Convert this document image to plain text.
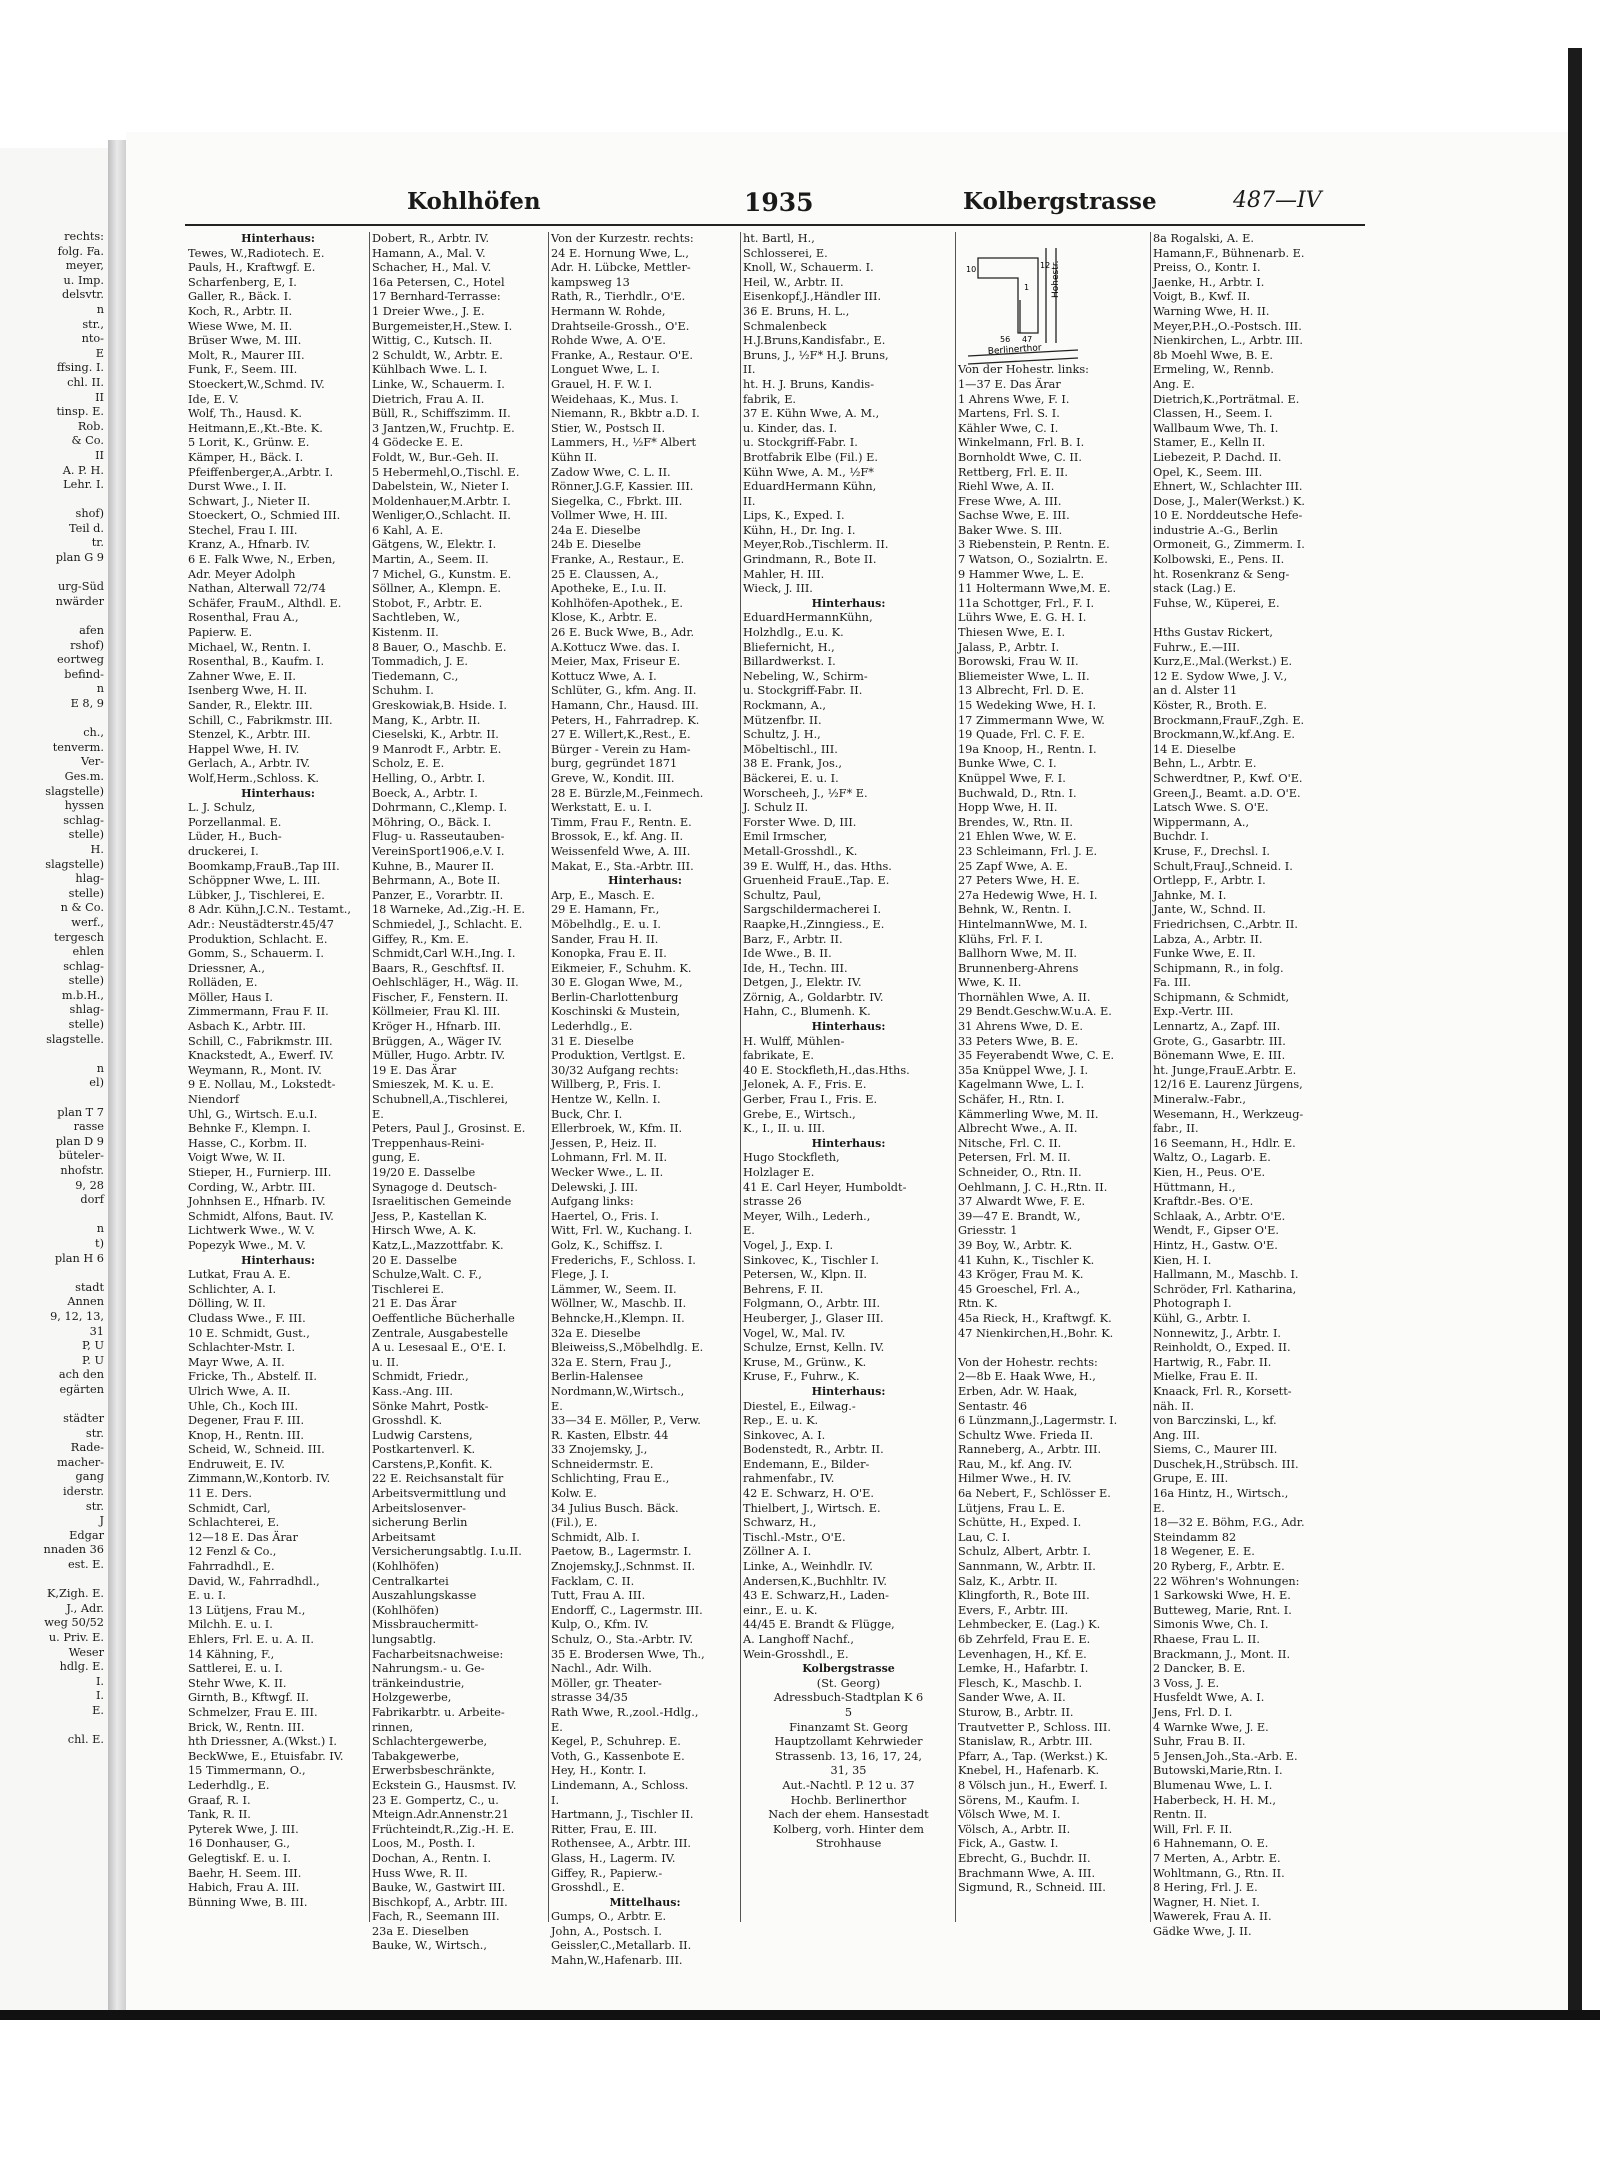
rechts:
folg. Fa.
meyer,
u. Imp.
delsvtr.
n
str.,
nto-
E
ffsing. I.
chl. II.
II
tinsp. E.
Rob.
& Co.
II
A. P. H.
Lehr. I.

shof)
Teil d.
tr.
plan G 9

urg-Süd
nwärder

afen
rshof)
eortweg
befind-
n
E 8, 9

ch.,
tenverm.
Ver-
Ges.m.
slagstelle)
hyssen
schlag-
stelle)
H.
slagstelle)
hlag-
stelle)
n & Co.
werf.,
tergesch
ehlen
schlag-
stelle)
m.b.H.,
shlag-
stelle)
slagstelle.

n
el)

plan T 7
rasse
plan D 9
büteler-
nhofstr.
9, 28
dorf

n
t)
plan H 6

stadt
Annen
9, 12, 13,
31
P, U
P. U
ach den
egärten

städter
str.
Rade-
macher-
gang
iderstr.
str.
J
Edgar
nnaden 36
est. E.

K,Zigh. E.
J., Adr.
weg 50/52
u. Priv. E.
Weser
hdlg. E.
I.
I.
E.

chl. E.
Kohlhöfen	1935	Kolbergstrasse	487—IV
Hinterhaus:
Tewes, W.,Radiotech. E.
Pauls, H., Kraftwgf. E.
Scharfenberg, E, I.
Galler, R., Bäck. I.
Koch, R., Arbtr. II.
Wiese Wwe, M. II.
Brüser Wwe, M. III.
Molt, R., Maurer III.
Funk, F., Seem. III.
Stoeckert,W.,Schmd. IV.
Ide, E. V.
Wolf, Th., Hausd. K.
Heitmann,E.,Kt.-Bte. K.
5 Lorit, K., Grünw. E.
Kämper, H., Bäck. I.
Pfeiffenberger,A.,Arbtr. I.
Durst Wwe., I. II.
Schwart, J., Nieter II.
Stoeckert, O., Schmied III.
Stechel, Frau I. III.
Kranz, A., Hfnarb. IV.
6 E. Falk Wwe, N., Erben,
Adr. Meyer Adolph
Nathan, Alterwall 72/74
Schäfer, FrauM., Althdl. E.
Rosenthal, Frau A.,
Papierw. E.
Michael, W., Rentn. I.
Rosenthal, B., Kaufm. I.
Zahner Wwe, E. II.
Isenberg Wwe, H. II.
Sander, R., Elektr. III.
Schill, C., Fabrikmstr. III.
Stenzel, K., Arbtr. III.
Happel Wwe, H. IV.
Gerlach, A., Arbtr. IV.
Wolf,Herm.,Schloss. K.
Hinterhaus:
L. J. Schulz,
Porzellanmal. E.
Lüder, H., Buch-
druckerei, I.
Boomkamp,FrauB.,Tap III.
Schöppner Wwe, L. III.
Lübker, J., Tischlerei, E.
8 Adr. Kühn,J.C.N.. Testamt.,
Adr.: Neustädterstr.45/47
Produktion, Schlacht. E.
Gomm, S., Schauerm. I.
Driessner, A.,
Rolläden, E.
Möller, Haus I.
Zimmermann, Frau F. II.
Asbach K., Arbtr. III.
Schill, C., Fabrikmstr. III.
Knackstedt, A., Ewerf. IV.
Weymann, R., Mont. IV.
9 E. Nollau, M., Lokstedt-
Niendorf
Uhl, G., Wirtsch. E.u.I.
Behnke F., Klempn. I.
Hasse, C., Korbm. II.
Voigt Wwe, W. II.
Stieper, H., Furnierp. III.
Cording, W., Arbtr. III.
Johnhsen E., Hfnarb. IV.
Schmidt, Alfons, Baut. IV.
Lichtwerk Wwe., W. V.
Popezyk Wwe., M. V.
Hinterhaus:
Lutkat, Frau A. E.
Schlichter, A. I.
Dölling, W. II.
Cludass Wwe., F. III.
10 E. Schmidt, Gust.,
Schlachter-Mstr. I.
Mayr Wwe, A. II.
Fricke, Th., Abstelf. II.
Ulrich Wwe, A. II.
Uhle, Ch., Koch III.
Degener, Frau F. III.
Knop, H., Rentn. III.
Scheid, W., Schneid. III.
Endruweit, E. IV.
Zimmann,W.,Kontorb. IV.
11 E. Ders.
Schmidt, Carl,
Schlachterei, E.
12—18 E. Das Ärar
12 Fenzl & Co.,
Fahrradhdl., E.
David, W., Fahrradhdl.,
E. u. I.
13 Lütjens, Frau M.,
Milchh. E. u. I.
Ehlers, Frl. E. u. A. II.
14 Kähning, F.,
Sattlerei, E. u. I.
Stehr Wwe, K. II.
Girnth, B., Kftwgf. II.
Schmelzer, Frau E. III.
Brick, W., Rentn. III.
hth Driessner, A.(Wkst.) I.
BeckWwe, E., Etuisfabr. IV.
15 Timmermann, O.,
Lederhdlg., E.
Graaf, R. I.
Tank, R. II.
Pyterek Wwe, J. III.
16 Donhauser, G.,
Gelegtiskf. E. u. I.
Baehr, H. Seem. III.
Habich, Frau A. III.
Bünning Wwe, B. III.
Dobert, R., Arbtr. IV.
Hamann, A., Mal. V.
Schacher, H., Mal. V.
16a Petersen, C., Hotel
17 Bernhard-Terrasse:
1 Dreier Wwe., J. E.
Burgemeister,H.,Stew. I.
Wittig, C., Kutsch. II.
2 Schuldt, W., Arbtr. E.
Kühlbach Wwe. L. I.
Linke, W., Schauerm. I.
Dietrich, Frau A. II.
Büll, R., Schiffszimm. II.
3 Jantzen,W., Fruchtp. E.
4 Gödecke E. E.
Foldt, W., Bur.-Geh. II.
5 Hebermehl,O.,Tischl. E.
Dabelstein, W., Nieter I.
Moldenhauer,M.Arbtr. I.
Wenliger,O.,Schlacht. II.
6 Kahl, A. E.
Gätgens, W., Elektr. I.
Martin, A., Seem. II.
7 Michel, G., Kunstm. E.
Söllner, A., Klempn. E.
Stobot, F., Arbtr. E.
Sachtleben, W.,
Kistenm. II.
8 Bauer, O., Maschb. E.
Tommadich, J. E.
Tiedemann, C.,
Schuhm. I.
Greskowiak,B. Hside. I.
Mang, K., Arbtr. II.
Cieselski, K., Arbtr. II.
9 Manrodt F., Arbtr. E.
Scholz, E. E.
Helling, O., Arbtr. I.
Boeck, A., Arbtr. I.
Dohrmann, C.,Klemp. I.
Möhring, O., Bäck. I.
Flug- u. Rasseutauben-
VereinSport1906,e.V. I.
Kuhne, B., Maurer II.
Behrmann, A., Bote II.
Panzer, E., Vorarbtr. II.
18 Warneke, Ad.,Zig.-H. E.
Schmiedel, J., Schlacht. E.
Giffey, R., Km. E.
Schmidt,Carl W.H.,Ing. I.
Baars, R., Geschftsf. II.
Oehlschläger, H., Wäg. II.
Fischer, F., Fenstern. II.
Köllmeier, Frau Kl. III.
Kröger H., Hfnarb. III.
Brüggen, A., Wäger IV.
Müller, Hugo. Arbtr. IV.
19 E. Das Ärar
Smieszek, M. K. u. E.
Schubnell,A.,Tischlerei,
E.
Peters, Paul J., Grosinst. E.
Treppenhaus-Reini-
gung, E.
19/20 E. Dasselbe
Synagoge d. Deutsch-
Israelitischen Gemeinde
Jess, P., Kastellan K.
Hirsch Wwe, A. K.
Katz,L.,Mazzottfabr. K.
20 E. Dasselbe
Schulze,Walt. C. F.,
Tischlerei E.
21 E. Das Ärar
Oeffentliche Bücherhalle
Zentrale, Ausgabestelle
A u. Lesesaal E., O'E. I.
u. II.
Schmidt, Friedr.,
Kass.-Ang. III.
Sönke Mahrt, Postk-
Grosshdl. K.
Ludwig Carstens,
Postkartenverl. K.
Carstens,P.,Konfit. K.
22 E. Reichsanstalt für
Arbeitsvermittlung und
Arbeitslosenver-
sicherung Berlin
Arbeitsamt
Versicherungsabtlg. I.u.II.
(Kohlhöfen)
Centralkartei
Auszahlungskasse
(Kohlhöfen)
Missbrauchermitt-
lungsabtlg.
Facharbeitsnachweise:
Nahrungsm.- u. Ge-
tränkeindustrie,
Holzgewerbe,
Fabrikarbtr. u. Arbeite-
rinnen,
Schlachtergewerbe,
Tabakgewerbe,
Erwerbsbeschränkte,
Eckstein G., Hausmst. IV.
23 E. Gompertz, C., u.
Mteign.Adr.Annenstr.21
Früchteindt,R.,Zig.-H. E.
Loos, M., Posth. I.
Dochan, A., Rentn. I.
Huss Wwe, R. II.
Bauke, W., Gastwirt III.
Bischkopf, A., Arbtr. III.
Fach, R., Seemann III.
23a E. Dieselben
Bauke, W., Wirtsch.,
Von der Kurzestr. rechts:
24 E. Hornung Wwe, L.,
Adr. H. Lübcke, Mettler-
kampsweg 13
Rath, R., Tierhdlr., O'E.
Hermann W. Rohde,
Drahtseile-Grossh., O'E.
Rohde Wwe, A. O'E.
Franke, A., Restaur. O'E.
Longuet Wwe, L. I.
Grauel, H. F. W. I.
Weidehaas, K., Mus. I.
Niemann, R., Bkbtr a.D. I.
Stier, W., Postsch II.
Lammers, H., ½F* Albert
Kühn II.
Zadow Wwe, C. L. II.
Rönner,J.G.F, Kassier. III.
Siegelka, C., Fbrkt. III.
Vollmer Wwe, H. III.
24a E. Dieselbe
24b E. Dieselbe
Franke, A., Restaur., E.
25 E. Claussen, A.,
Apotheke, E., I.u. II.
Kohlhöfen-Apothek., E.
Klose, K., Arbtr. E.
26 E. Buck Wwe, B., Adr.
A.Kottucz Wwe. das. I.
Meier, Max, Friseur E.
Kottucz Wwe, A. I.
Schlüter, G., kfm. Ang. II.
Hamann, Chr., Hausd. III.
Peters, H., Fahrradrep. K.
27 E. Willert,K.,Rest., E.
Bürger - Verein zu Ham-
burg, gegründet 1871
Greve, W., Kondit. III.
28 E. Bürzle,M.,Feinmech.
Werkstatt, E. u. I.
Timm, Frau F., Rentn. E.
Brossok, E., kf. Ang. II.
Weissenfeld Wwe, A. III.
Makat, E., Sta.-Arbtr. III.
Hinterhaus:
Arp, E., Masch. E.
29 E. Hamann, Fr.,
Möbelhdlg., E. u. I.
Sander, Frau H. II.
Konopka, Frau E. II.
Eikmeier, F., Schuhm. K.
30 E. Glogan Wwe, M.,
Berlin-Charlottenburg
Koschinski & Mustein,
Lederhdlg., E.
31 E. Dieselbe
Produktion, Vertlgst. E.
30/32 Aufgang rechts:
Willberg, P., Fris. I.
Hentze W., Kelln. I.
Buck, Chr. I.
Ellerbroek, W., Kfm. II.
Jessen, P., Heiz. II.
Lohmann, Frl. M. II.
Wecker Wwe., L. II.
Delewski, J. III.
Aufgang links:
Haertel, O., Fris. I.
Witt, Frl. W., Kuchang. I.
Golz, K., Schiffsz. I.
Frederichs, F., Schloss. I.
Flege, J. I.
Lämmer, W., Seem. II.
Wöllner, W., Maschb. II.
Behncke,H.,Klempn. II.
32a E. Dieselbe
Bleiweiss,S.,Möbelhdlg. E.
32a E. Stern, Frau J.,
Berlin-Halensee
Nordmann,W.,Wirtsch.,
E.
33—34 E. Möller, P., Verw.
R. Kasten, Elbstr. 44
33 Znojemsky, J.,
Schneidermstr. E.
Schlichting, Frau E.,
Kolw. E.
34 Julius Busch. Bäck.
(Fil.), E.
Schmidt, Alb. I.
Paetow, B., Lagermstr. I.
Znojemsky,J.,Schnmst. II.
Facklam, C. II.
Tutt, Frau A. III.
Endorff, C., Lagermstr. III.
Kulp, O., Kfm. IV.
Schulz, O., Sta.-Arbtr. IV.
35 E. Brodersen Wwe, Th.,
Nachl., Adr. Wilh.
Möller, gr. Theater-
strasse 34/35
Rath Wwe, R.,zool.-Hdlg.,
E.
Kegel, P., Schuhrep. E.
Voth, G., Kassenbote E.
Hey, H., Kontr. I.
Lindemann, A., Schloss.
I.
Hartmann, J., Tischler II.
Ritter, Frau, E. III.
Rothensee, A., Arbtr. III.
Glass, H., Lagerm. IV.
Giffey, R., Papierw.-
Grosshdl., E.
Mittelhaus:
Gumps, O., Arbtr. E.
John, A., Postsch. I.
Geissler,C.,Metallarb. II.
Mahn,W.,Hafenarb. III.
ht. Bartl, H.,
Schlosserei, E.
Knoll, W., Schauerm. I.
Heil, W., Arbtr. II.
Eisenkopf,J.,Händler III.
36 E. Bruns, H. L.,
Schmalenbeck
H.J.Bruns,Kandisfabr., E.
Bruns, J., ½F* H.J. Bruns,
II.
ht. H. J. Bruns, Kandis-
fabrik, E.
37 E. Kühn Wwe, A. M.,
u. Kinder, das. I.
u. Stockgriff-Fabr. I.
Brotfabrik Elbe (Fil.) E.
Kühn Wwe, A. M., ½F*
EduardHermann Kühn,
II.
Lips, K., Exped. I.
Kühn, H., Dr. Ing. I.
Meyer,Rob.,Tischlerm. II.
Grindmann, R., Bote II.
Mahler, H. III.
Wieck, J. III.
Hinterhaus:
EduardHermannKühn,
Holzhdlg., E.u. K.
Bliefernicht, H.,
Billardwerkst. I.
Nebeling, W., Schirm-
u. Stockgriff-Fabr. II.
Rockmann, A.,
Mützenfbr. II.
Schultz, J. H.,
Möbeltischl., III.
38 E. Frank, Jos.,
Bäckerei, E. u. I.
Worscheeh, J., ½F* E.
J. Schulz II.
Forster Wwe. D, III.
Emil Irmscher,
Metall-Grosshdl., K.
39 E. Wulff, H., das. Hths.
Gruenheid FrauE.,Tap. E.
Schultz, Paul,
Sargschildermacherei I.
Raapke,H.,Zinngiess., E.
Barz, F., Arbtr. II.
Ide Wwe., B. II.
Ide, H., Techn. III.
Detgen, J., Elektr. IV.
Zörnig, A., Goldarbtr. IV.
Hahn, C., Blumenh. K.
Hinterhaus:
H. Wulff, Mühlen-
fabrikate, E.
40 E. Stockfleth,H.,das.Hths.
Jelonek, A. F., Fris. E.
Gerber, Frau I., Fris. E.
Grebe, E., Wirtsch.,
K., I., II. u. III.
Hinterhaus:
Hugo Stockfleth,
Holzlager E.
41 E. Carl Heyer, Humboldt-
strasse 26
Meyer, Wilh., Lederh.,
E.
Vogel, J., Exp. I.
Sinkovec, K., Tischler I.
Petersen, W., Klpn. II.
Behrens, F. II.
Folgmann, O., Arbtr. III.
Heuberger, J., Glaser III.
Vogel, W., Mal. IV.
Schulze, Ernst, Kelln. IV.
Kruse, M., Grünw., K.
Kruse, F., Fuhrw., K.
Hinterhaus:
Diestel, E., Eilwag.-
Rep., E. u. K.
Sinkovec, A. I.
Bodenstedt, R., Arbtr. II.
Endemann, E., Bilder-
rahmenfabr., IV.
42 E. Schwarz, H. O'E.
Thielbert, J., Wirtsch. E.
Schwarz, H.,
Tischl.-Mstr., O'E.
Zöllner A. I.
Linke, A., Weinhdlr. IV.
Andersen,K.,Buchhltr. IV.
43 E. Schwarz,H., Laden-
einr., E. u. K.
44/45 E. Brandt & Flügge,
A. Langhoff Nachf.,
Wein-Grosshdl., E.
Kolbergstrasse
(St. Georg)
Adressbuch-Stadtplan K 6
5
Finanzamt St. Georg
Hauptzollamt Kehrwieder
Strassenb. 13, 16, 17, 24,
31, 35
Aut.-Nachtl. P. 12 u. 37
Hochb. Berlinerthor
Nach der ehem. Hansestadt
Kolberg, vorh. Hinter dem
Strohhause

Von der Hohestr. links:
1—37 E. Das Ärar
1 Ahrens Wwe, F. I.
Martens, Frl. S. I.
Kähler Wwe, C. I.
Winkelmann, Frl. B. I.
Bornholdt Wwe, C. II.
Rettberg, Frl. E. II.
Riehl Wwe, A. II.
Frese Wwe, A. III.
Sachse Wwe, E. III.
Baker Wwe. S. III.
3 Riebenstein, P. Rentn. E.
7 Watson, O., Sozialrtn. E.
9 Hammer Wwe, L. E.
11 Holtermann Wwe,M. E.
11a Schottger, Frl., F. I.
Lührs Wwe, E. G. H. I.
Thiesen Wwe, E. I.
Jalass, P., Arbtr. I.
Borowski, Frau W. II.
Bliemeister Wwe, L. II.
13 Albrecht, Frl. D. E.
15 Wedeking Wwe, H. I.
17 Zimmermann Wwe, W.
19 Quade, Frl. C. F. E.
19a Knoop, H., Rentn. I.
Bunke Wwe, C. I.
Knüppel Wwe, F. I.
Buchwald, D., Rtn. I.
Hopp Wwe, H. II.
Brendes, W., Rtn. II.
21 Ehlen Wwe, W. E.
23 Schleimann, Frl. J. E.
25 Zapf Wwe, A. E.
27 Peters Wwe, H. E.
27a Hedewig Wwe, H. I.
Behnk, W., Rentn. I.
HintelmannWwe, M. I.
Klühs, Frl. F. I.
Ballhorn Wwe, M. II.
Brunnenberg-Ahrens
Wwe, K. II.
Thornählen Wwe, A. II.
29 Bendt.Geschw.W.u.A. E.
31 Ahrens Wwe, D. E.
33 Peters Wwe, B. E.
35 Feyerabendt Wwe, C. E.
35a Knüppel Wwe, J. I.
Kagelmann Wwe, L. I.
Schäfer, H., Rtn. I.
Kämmerling Wwe, M. II.
Albrecht Wwe., A. II.
Nitsche, Frl. C. II.
Petersen, Frl. M. II.
Schneider, O., Rtn. II.
Oehlmann, J. C. H.,Rtn. II.
37 Alwardt Wwe, F. E.
39—47 E. Brandt, W.,
Griesstr. 1
39 Boy, W., Arbtr. K.
41 Kuhn, K., Tischler K.
43 Kröger, Frau M. K.
45 Groeschel, Frl. A.,
Rtn. K.
45a Rieck, H., Kraftwgf. K.
47 Nienkirchen,H.,Bohr. K.

Von der Hohestr. rechts:
2—8b E. Haak Wwe, H.,
Erben, Adr. W. Haak,
Sentastr. 46
6 Lünzmann,J.,Lagermstr. I.
Schultz Wwe. Frieda II.
Ranneberg, A., Arbtr. III.
Rau, M., kf. Ang. IV.
Hilmer Wwe., H. IV.
6a Nebert, F., Schlösser E.
Lütjens, Frau L. E.
Schütte, H., Exped. I.
Lau, C. I.
Schulz, Albert, Arbtr. I.
Sannmann, W., Arbtr. II.
Salz, K., Arbtr. II.
Klingforth, R., Bote III.
Evers, F., Arbtr. III.
Lehmbecker, E. (Lag.) K.
6b Zehrfeld, Frau E. E.
Levenhagen, H., Kf. E.
Lemke, H., Hafarbtr. I.
Flesch, K., Maschb. I.
Sander Wwe, A. II.
Sturow, B., Arbtr. II.
Trautvetter P., Schloss. III.
Stanislaw, R., Arbtr. III.
Pfarr, A., Tap. (Werkst.) K.
Knebel, H., Hafenarb. K.
8 Völsch jun., H., Ewerf. I.
Sörens, M., Kaufm. I.
Völsch Wwe, M. I.
Völsch, A., Arbtr. II.
Fick, A., Gastw. I.
Ebrecht, G., Buchdr. II.
Brachmann Wwe, A. III.
Sigmund, R., Schneid. III.
8a Rogalski, A. E.
Hamann,F., Bühnenarb. E.
Preiss, O., Kontr. I.
Jaenke, H., Arbtr. I.
Voigt, B., Kwf. II.
Warning Wwe, H. II.
Meyer,P.H.,O.-Postsch. III.
Nienkirchen, L., Arbtr. III.
8b Moehl Wwe, B. E.
Ermeling, W., Rennb.
Ang. E.
Dietrich,K.,Porträtmal. E.
Classen, H., Seem. I.
Wallbaum Wwe, Th. I.
Stamer, E., Kelln II.
Liebezeit, P. Dachd. II.
Opel, K., Seem. III.
Ehnert, W., Schlachter III.
Dose, J., Maler(Werkst.) K.
10 E. Norddeutsche Hefe-
industrie A.-G., Berlin
Ormoneit, G., Zimmerm. I.
Kolbowski, E., Pens. II.
ht. Rosenkranz & Seng-
stack (Lag.) E.
Fuhse, W., Küperei, E.

Hths Gustav Rickert,
Fuhrw., E.—III.
Kurz,E.,Mal.(Werkst.) E.
12 E. Sydow Wwe, J. V.,
an d. Alster 11
Köster, R., Broth. E.
Brockmann,FrauF.,Zgh. E.
Brockmann,W.,kf.Ang. E.
14 E. Dieselbe
Behn, L., Arbtr. E.
Schwerdtner, P., Kwf. O'E.
Green,J., Beamt. a.D. O'E.
Latsch Wwe. S. O'E.
Wippermann, A.,
Buchdr. I.
Kruse, F., Drechsl. I.
Schult,FrauJ.,Schneid. I.
Ortlepp, F., Arbtr. I.
Jahnke, M. I.
Jante, W., Schnd. II.
Friedrichsen, C.,Arbtr. II.
Labza, A., Arbtr. II.
Funke Wwe, E. II.
Schipmann, R., in folg.
Fa. III.
Schipmann, & Schmidt,
Exp.-Vertr. III.
Lennartz, A., Zapf. III.
Grote, G., Gasarbtr. III.
Bönemann Wwe, E. III.
ht. Junge,FrauE.Arbtr. E.
12/16 E. Laurenz Jürgens,
Mineralw.-Fabr.,
Wesemann, H., Werkzeug-
fabr., II.
16 Seemann, H., Hdlr. E.
Waltz, O., Lagarb. E.
Kien, H., Peus. O'E.
Hüttmann, H.,
Kraftdr.-Bes. O'E.
Schlaak, A., Arbtr. O'E.
Wendt, F., Gipser O'E.
Hintz, H., Gastw. O'E.
Kien, H. I.
Hallmann, M., Maschb. I.
Schröder, Frl. Katharina,
Photograph I.
Kühl, G., Arbtr. I.
Nonnewitz, J., Arbtr. I.
Reinholdt, O., Exped. II.
Hartwig, R., Fabr. II.
Mielke, Frau E. II.
Knaack, Frl. R., Korsett-
näh. II.
von Barczinski, L., kf.
Ang. III.
Siems, C., Maurer III.
Duschek,H.,Strübsch. III.
Grupe, E. III.
16a Hintz, H., Wirtsch.,
E.
18—32 E. Böhm, F.G., Adr.
Steindamm 82
18 Wegener, E. E.
20 Ryberg, F., Arbtr. E.
22 Wöhren's Wohnungen:
1 Sarkowski Wwe, H. E.
Butteweg, Marie, Rnt. I.
Simonis Wwe, Ch. I.
Rhaese, Frau L. II.
Brackmann, J., Mont. II.
2 Dancker, B. E.
3 Voss, J. E.
Husfeldt Wwe, A. I.
Jens, Frl. D. I.
4 Warnke Wwe, J. E.
Suhr, Frau B. II.
5 Jensen,Joh.,Sta.-Arb. E.
Butowski,Marie,Rtn. I.
Blumenau Wwe, L. I.
Haberbeck, H. H. M.,
Rentn. II.
Will, Frl. F. II.
6 Hahnemann, O. E.
7 Merten, A., Arbtr. E.
Wohltmann, G., Rtn. II.
8 Hering, Frl. J. E.
Wagner, H. Niet. I.
Wawerek, Frau A. II.
Gädke Wwe, J. II.
Hohestr.
Berlinerthor
10	12
56 47
1
